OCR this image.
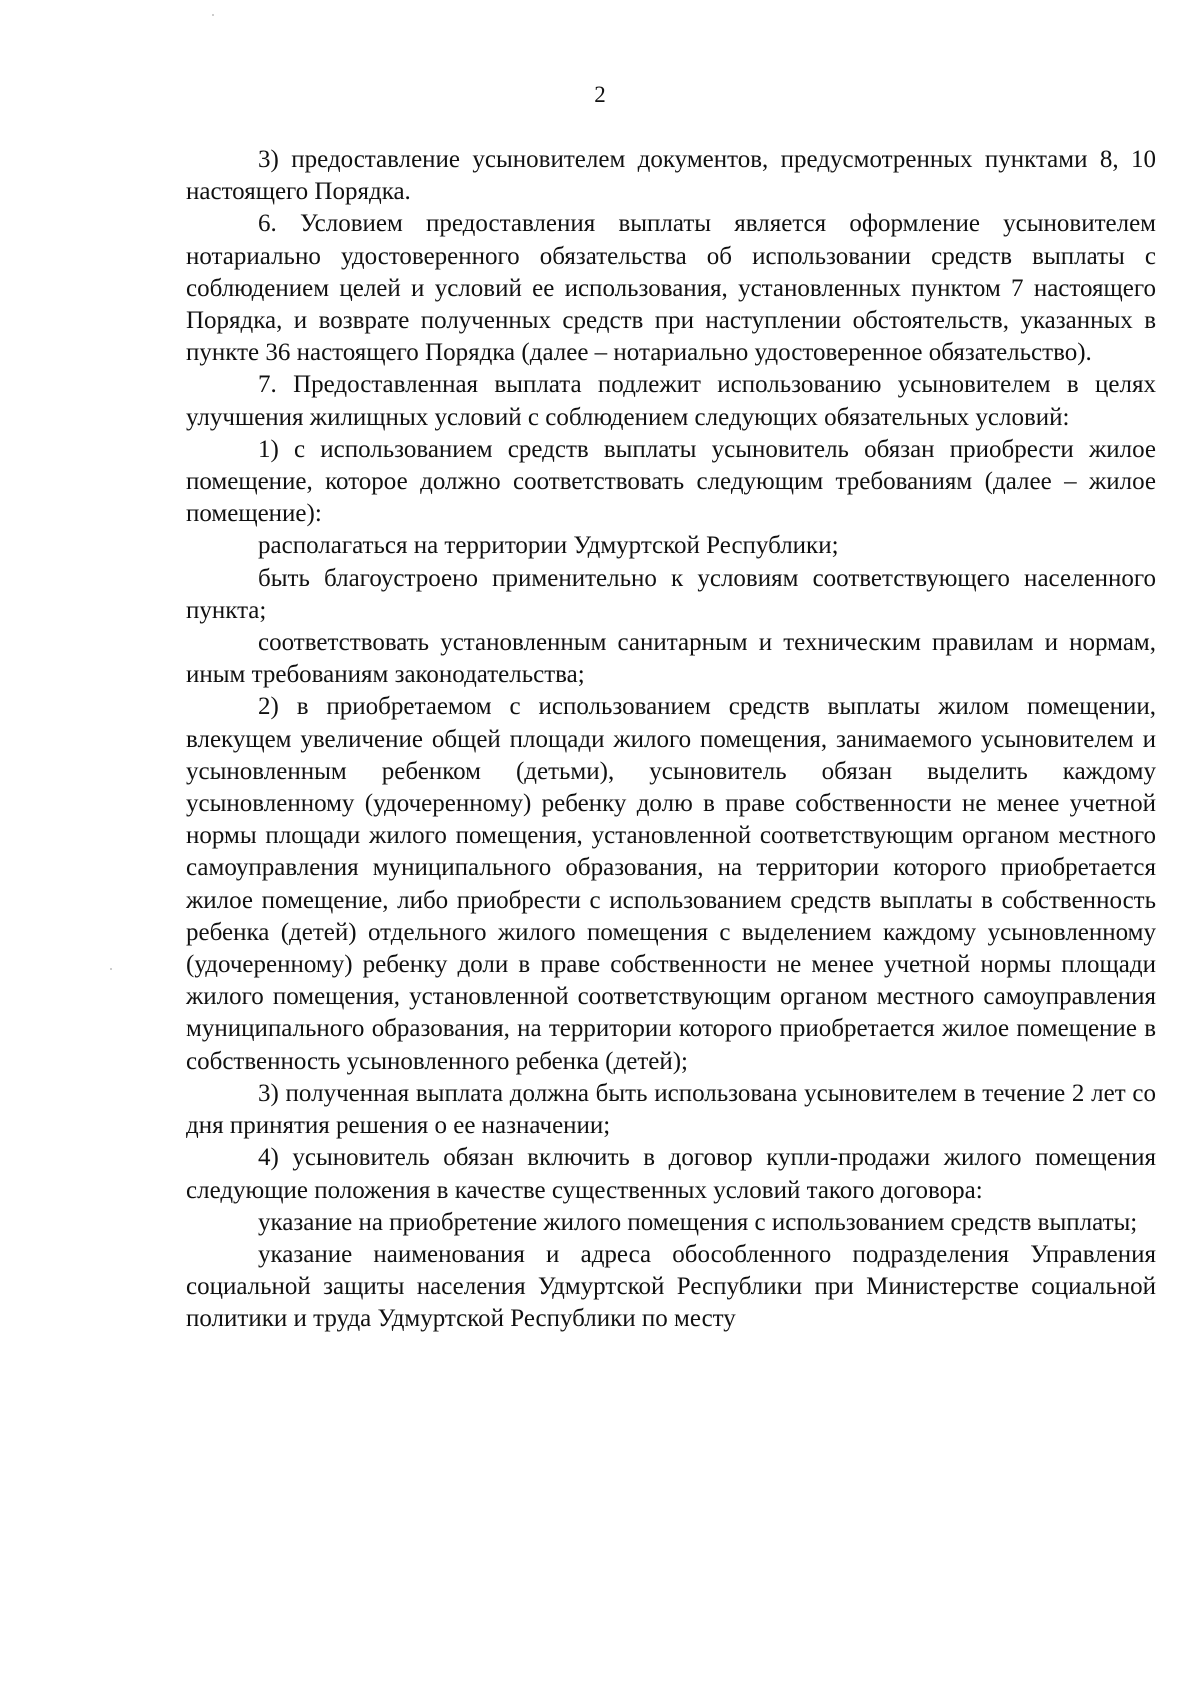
2

3) предоставление усыновителем документов, предусмотренных пунктами 8, 10 настоящего Порядка.

6. Условием предоставления выплаты является оформление усыновителем нотариально удостоверенного обязательства об использовании средств выплаты с соблюдением целей и условий ее использования, установленных пунктом 7 настоящего Порядка, и возврате полученных средств при наступлении обстоятельств, указанных в пункте 36 настоящего Порядка (далее – нотариально удостоверенное обязательство).

7. Предоставленная выплата подлежит использованию усыновителем в целях улучшения жилищных условий с соблюдением следующих обязательных условий:

1) с использованием средств выплаты усыновитель обязан приобрести жилое помещение, которое должно соответствовать следующим требованиям (далее – жилое помещение):

располагаться на территории Удмуртской Республики;

быть благоустроено применительно к условиям соответствующего населенного пункта;

соответствовать установленным санитарным и техническим правилам и нормам, иным требованиям законодательства;

2) в приобретаемом с использованием средств выплаты жилом помещении, влекущем увеличение общей площади жилого помещения, занимаемого усыновителем и усыновленным ребенком (детьми), усыновитель обязан выделить каждому усыновленному (удочеренному) ребенку долю в праве собственности не менее учетной нормы площади жилого помещения, установленной соответствующим органом местного самоуправления муниципального образования, на территории которого приобретается жилое помещение, либо приобрести с использованием средств выплаты в собственность ребенка (детей) отдельного жилого помещения с выделением каждому усыновленному (удочеренному) ребенку доли в праве собственности не менее учетной нормы площади жилого помещения, установленной соответствующим органом местного самоуправления муниципального образования, на территории которого приобретается жилое помещение в собственность усыновленного ребенка (детей);

3) полученная выплата должна быть использована усыновителем в течение 2 лет со дня принятия решения о ее назначении;

4) усыновитель обязан включить в договор купли-продажи жилого помещения следующие положения в качестве существенных условий такого договора:

указание на приобретение жилого помещения с использованием средств выплаты;

указание наименования и адреса обособленного подразделения Управления социальной защиты населения Удмуртской Республики при Министерстве социальной политики и труда Удмуртской Республики по месту
